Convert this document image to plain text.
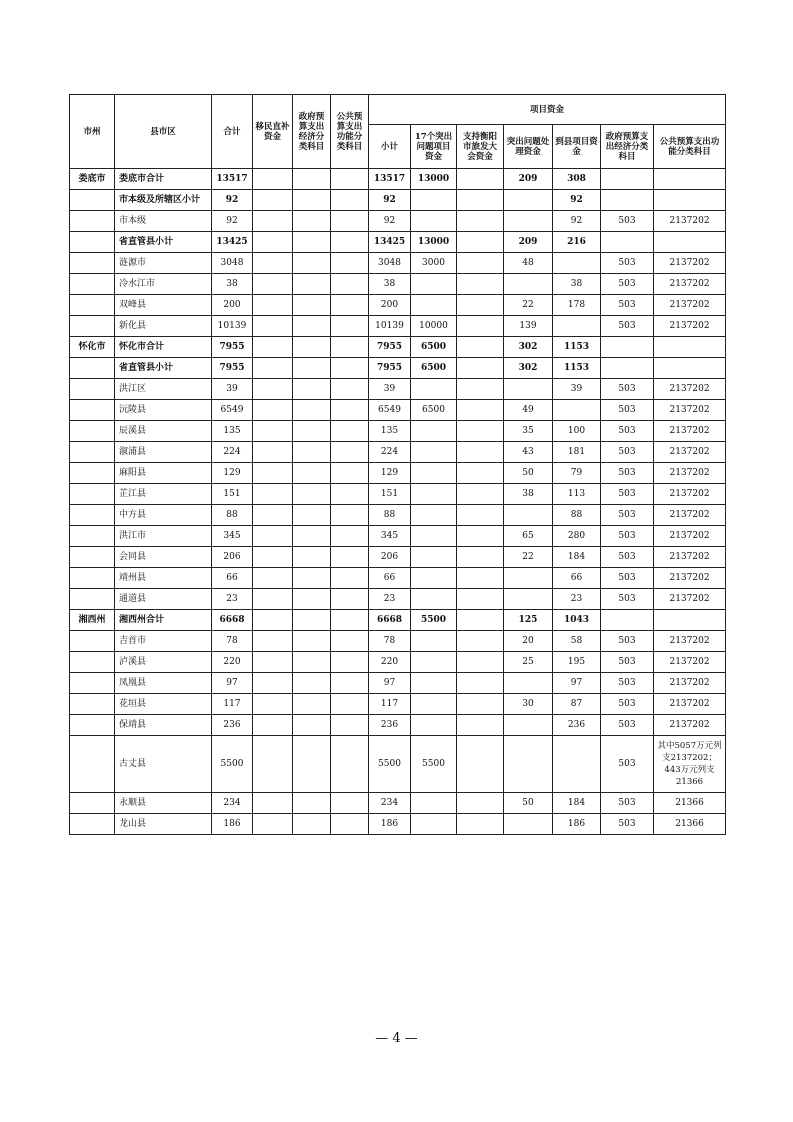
市州	县市区	合计	移民直补资金	政府预算支出经济分类科目	公共预算支出功能分类科目	项目资金						
						小计	17个突出问题项目资金	支持衡阳市旅发大会资金	突出问题处理资金	到县项目资金	政府预算支出经济分类科目	公共预算支出功能分类科目
娄底市	娄底市合计	13517				13517	13000		209	308		
	市本级及所辖区小计	92				92				92		
	市本级	92				92				92	503	2137202
	省直管县小计	13425				13425	13000		209	216		
	涟源市	3048				3048	3000		48		503	2137202
	冷水江市	38				38				38	503	2137202
	双峰县	200				200			22	178	503	2137202
	新化县	10139				10139	10000		139		503	2137202
怀化市	怀化市合计	7955				7955	6500		302	1153		
	省直管县小计	7955				7955	6500		302	1153		
	洪江区	39				39				39	503	2137202
	沅陵县	6549				6549	6500		49		503	2137202
	辰溪县	135				135			35	100	503	2137202
	溆浦县	224				224			43	181	503	2137202
	麻阳县	129				129			50	79	503	2137202
	芷江县	151				151			38	113	503	2137202
	中方县	88				88				88	503	2137202
	洪江市	345				345			65	280	503	2137202
	会同县	206				206			22	184	503	2137202
	靖州县	66				66				66	503	2137202
	通道县	23				23				23	503	2137202
湘西州	湘西州合计	6668				6668	5500		125	1043		
	吉首市	78				78			20	58	503	2137202
	泸溪县	220				220			25	195	503	2137202
	凤凰县	97				97				97	503	2137202
	花垣县	117				117			30	87	503	2137202
	保靖县	236				236				236	503	2137202
	古丈县	5500				5500	5500				503	其中5057万元列支2137202；443万元列支21366
	永顺县	234				234			50	184	503	21366
	龙山县	186				186				186	503	21366
— 4 —
